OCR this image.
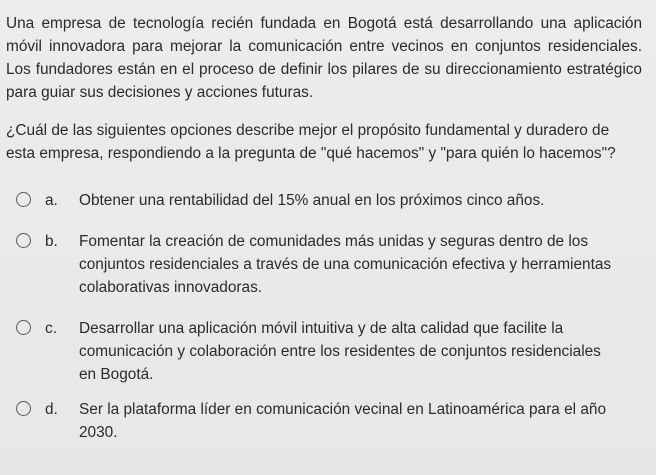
Una empresa de tecnología recién fundada en Bogotá está desarrollando una aplicación móvil innovadora para mejorar la comunicación entre vecinos en conjuntos residenciales. Los fundadores están en el proceso de definir los pilares de su direccionamiento estratégico para guiar sus decisiones y acciones futuras.

¿Cuál de las siguientes opciones describe mejor el propósito fundamental y duradero de esta empresa, respondiendo a la pregunta de "qué hacemos" y "para quién lo hacemos"?

a.	Obtener una rentabilidad del 15% anual en los próximos cinco años.
b.	Fomentar la creación de comunidades más unidas y seguras dentro de los conjuntos residenciales a través de una comunicación efectiva y herramientas colaborativas innovadoras.
c.	Desarrollar una aplicación móvil intuitiva y de alta calidad que facilite la comunicación y colaboración entre los residentes de conjuntos residenciales en Bogotá.
d.	Ser la plataforma líder en comunicación vecinal en Latinoamérica para el año 2030.
